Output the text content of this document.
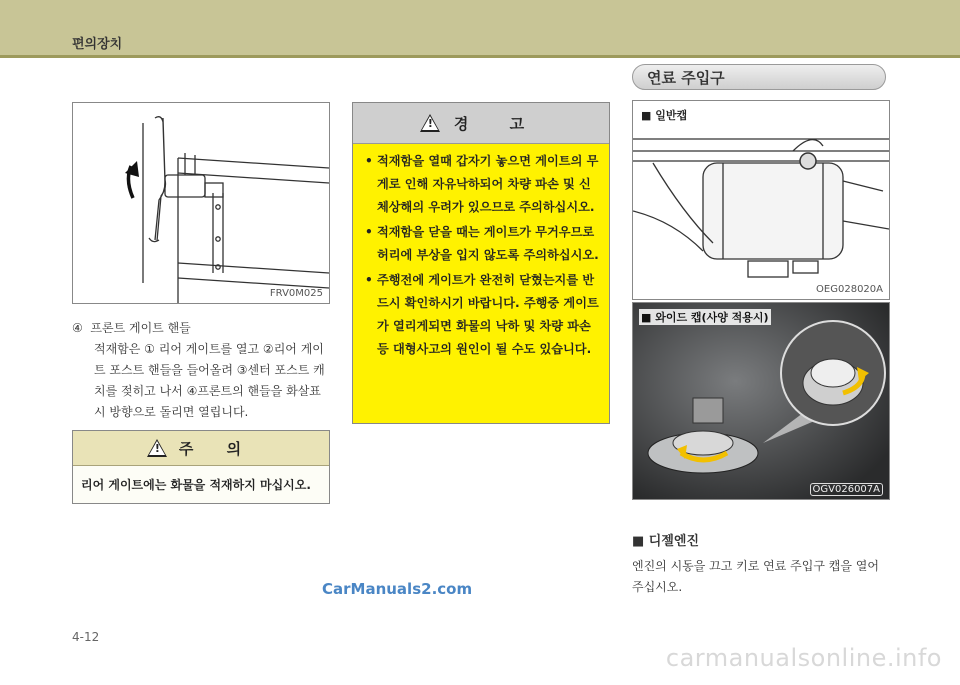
편의장치
FRV0M025
④ 프론트 게이트 핸들
적재함은 ① 리어 게이트를 열고 ②리어 게이트 포스트 핸들을 들어올려 ③센터 포스트 캐치를 젖히고 나서 ④프론트의 핸들을 화살표 시 방향으로 돌리면 열립니다.
! 주 의
리어 게이트에는 화물을 적재하지 마십시오.
! 경 고
• 적재함을 열때 갑자기 놓으면 게이트의 무게로 인해 자유낙하되어 차량 파손 및 신체상해의 우려가 있으므로 주의하십시오.
• 적재함을 닫을 때는 게이트가 무거우므로 허리에 부상을 입지 않도록 주의하십시오.
• 주행전에 게이트가 완전히 닫혔는지를 반드시 확인하시기 바랍니다. 주행중 게이트가 열리게되면 화물의 낙하 및 차량 파손등 대형사고의 원인이 될 수도 있습니다.
연료 주입구
■ 일반캡
OEG028020A
■ 와이드 캡(사양 적용시)
OGV026007A
■ 디젤엔진
엔진의 시동을 끄고 키로 연료 주입구 캡을 열어주십시오.
CarManuals2.com
4-12
carmanualsonline.info
